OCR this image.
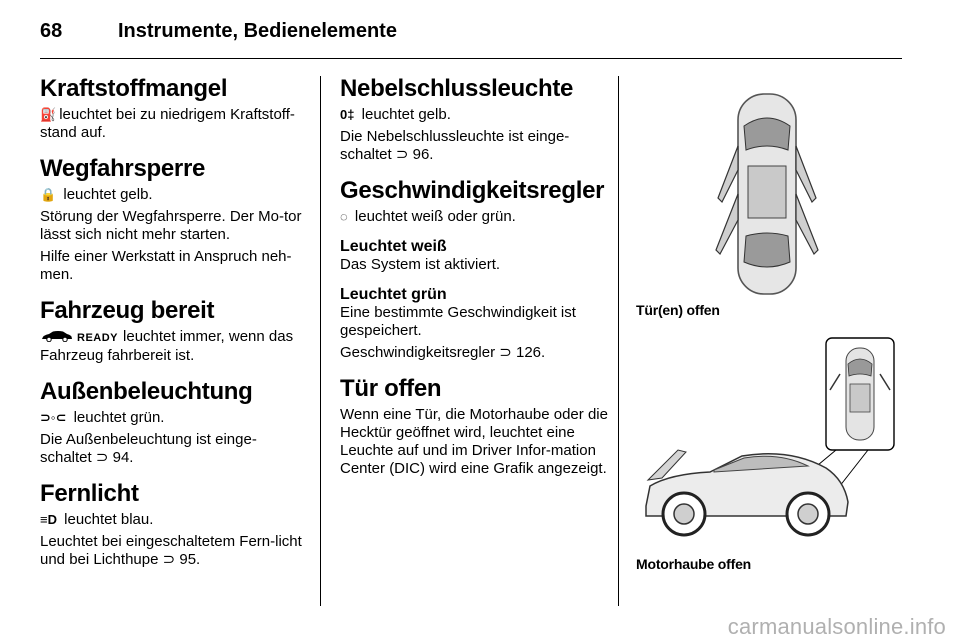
68	Instrumente, Bedienelemente
Kraftstoffmangel

⛽ leuchtet bei zu niedrigem Kraftstoff-stand auf.

Wegfahrsperre

🔒 leuchtet gelb.

Störung der Wegfahrsperre. Der Mo-tor lässt sich nicht mehr starten.

Hilfe einer Werkstatt in Anspruch neh-men.

Fahrzeug bereit

READY leuchtet immer, wenn das Fahrzeug fahrbereit ist.

Außenbeleuchtung

⊃◦⊂ leuchtet grün.

Die Außenbeleuchtung ist einge-schaltet ⊃ 94.

Fernlicht

≡D leuchtet blau.

Leuchtet bei eingeschaltetem Fern-licht und bei Lichthupe ⊃ 95.

Nebelschlussleuchte

0‡ leuchtet gelb.

Die Nebelschlussleuchte ist einge-schaltet ⊃ 96.

Geschwindigkeitsregler

◌ leuchtet weiß oder grün.

Leuchtet weiß

Das System ist aktiviert.

Leuchtet grün

Eine bestimmte Geschwindigkeit ist gespeichert.

Geschwindigkeitsregler ⊃ 126.

Tür offen

Wenn eine Tür, die Motorhaube oder die Hecktür geöffnet wird, leuchtet eine Leuchte auf und im Driver Infor-mation Center (DIC) wird eine Grafik angezeigt.

Tür(en) offen
Motorhaube offen
carmanualsonline.info
